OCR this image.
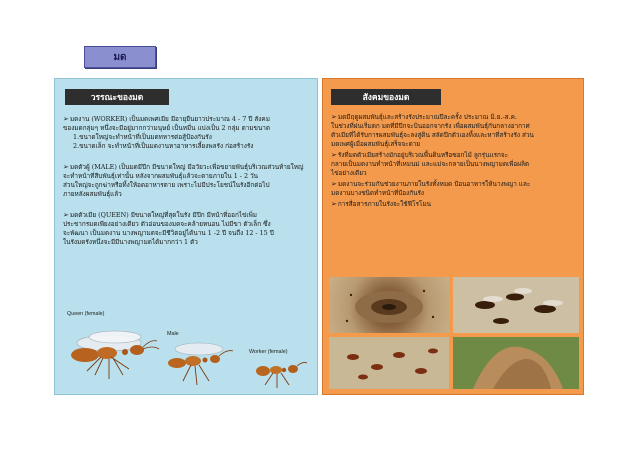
มด
วรรณะของมด
➢มดงาน (WORKER) เป็นมดเพศเมีย มีอายุยืนยาวประมาณ 4 - 7 ปี สังคม
ของมดกลุ่มๆ หนึ่งจะมีอยู่มากกว่ามนุษย์ เป็นหมื่น แบ่งเป็น 2 กลุ่ม ตามขนาด
1.ขนาดใหญ่จะทำหน้าที่เป็นมดทหารต่อสู้ป้องกันรัง
2.ขนาดเล็ก จะทำหน้าที่เป็นมดงานหาอาหารเลี้ยงพลรัง ก่อสร้างรัง
➢มดตัวผู้ (MALE) เป็นมดมีปีก มีขนาดใหญ่ มีอวัยวะเพื่อขยายพันธุ์บริเวณส่วนท้ายใหญ่
จะทำหน้าที่สืบพันธุ์เท่านั้น หลังจากผสมพันธุ์แล้วจะตายภายใน 1 - 2 วัน
ส่วนใหญ่จะถูกฆ่าหรือทิ้งให้อดอาหารตาย เพราะไม่มีประโยชน์ในรังอีกต่อไป
ภายหลังผสมพันธุ์แล้ว
➢มดตัวเมีย (QUEEN) มีขนาดใหญ่ที่สุดในรัง มีปีก มีหน้าที่ออกไข่เพิ่ม
ประชากรมดเพียงอย่างเดียว ตัวอ่อนของมดจะคล้ายหนอน ไม่มีขา ตัวเล็ก ซึ่ง
จะพัฒนา เป็นมดงาน นางพญามดจะมีชีวิตอยู่ได้นาน 1 -2 ปี จนถึง 12 - 15 ปี
ในรังมดรังหนึ่งจะมีมีนางพญามดได้มากกว่า 1 ตัว
Queen (female)
Male
Worker (female)
สังคมของมด
➢มดมีฤดูผสมพันธุ์และสร้างรังประมาณปีละครั้ง ประมาณ มิ.ย.-ส.ค.
ในช่วงที่ฝนเริ่มตก มดที่มีปีกจะบินออกจากรัง เพื่อผสมพันธุ์กันกลางอากาศ
ตัวเมียที่ได้รับการผสมพันธุ์จะลงสู่ดิน สลัดปีกตัวเองทิ้งและหาที่สร้างรัง ส่วน
มดเพศผู้เมื่อผสมพันธุ์เสร็จจะตาย
➢รังที่มดตัวเมียสร้างมักอยู่บริเวณพื้นดินหรือซอกไม้ ลูกรุ่นแรกจะ
กลายเป็นมดงานทำหน้าที่เหมนม่ และแม่จะกลายเป็นนางพญามดเพื่อผลิต
ไข่อย่างเดียว
➢มดงานจะร่วมกันช่วยงานภายในรังทั้งหมด ป้อนอาหารให้นางพญา และ
มดงานบางชนิดทำหน้าที่ป้องกันรัง
➢การสื่อสารภายในรังจะใช้ฟีโรโมน
